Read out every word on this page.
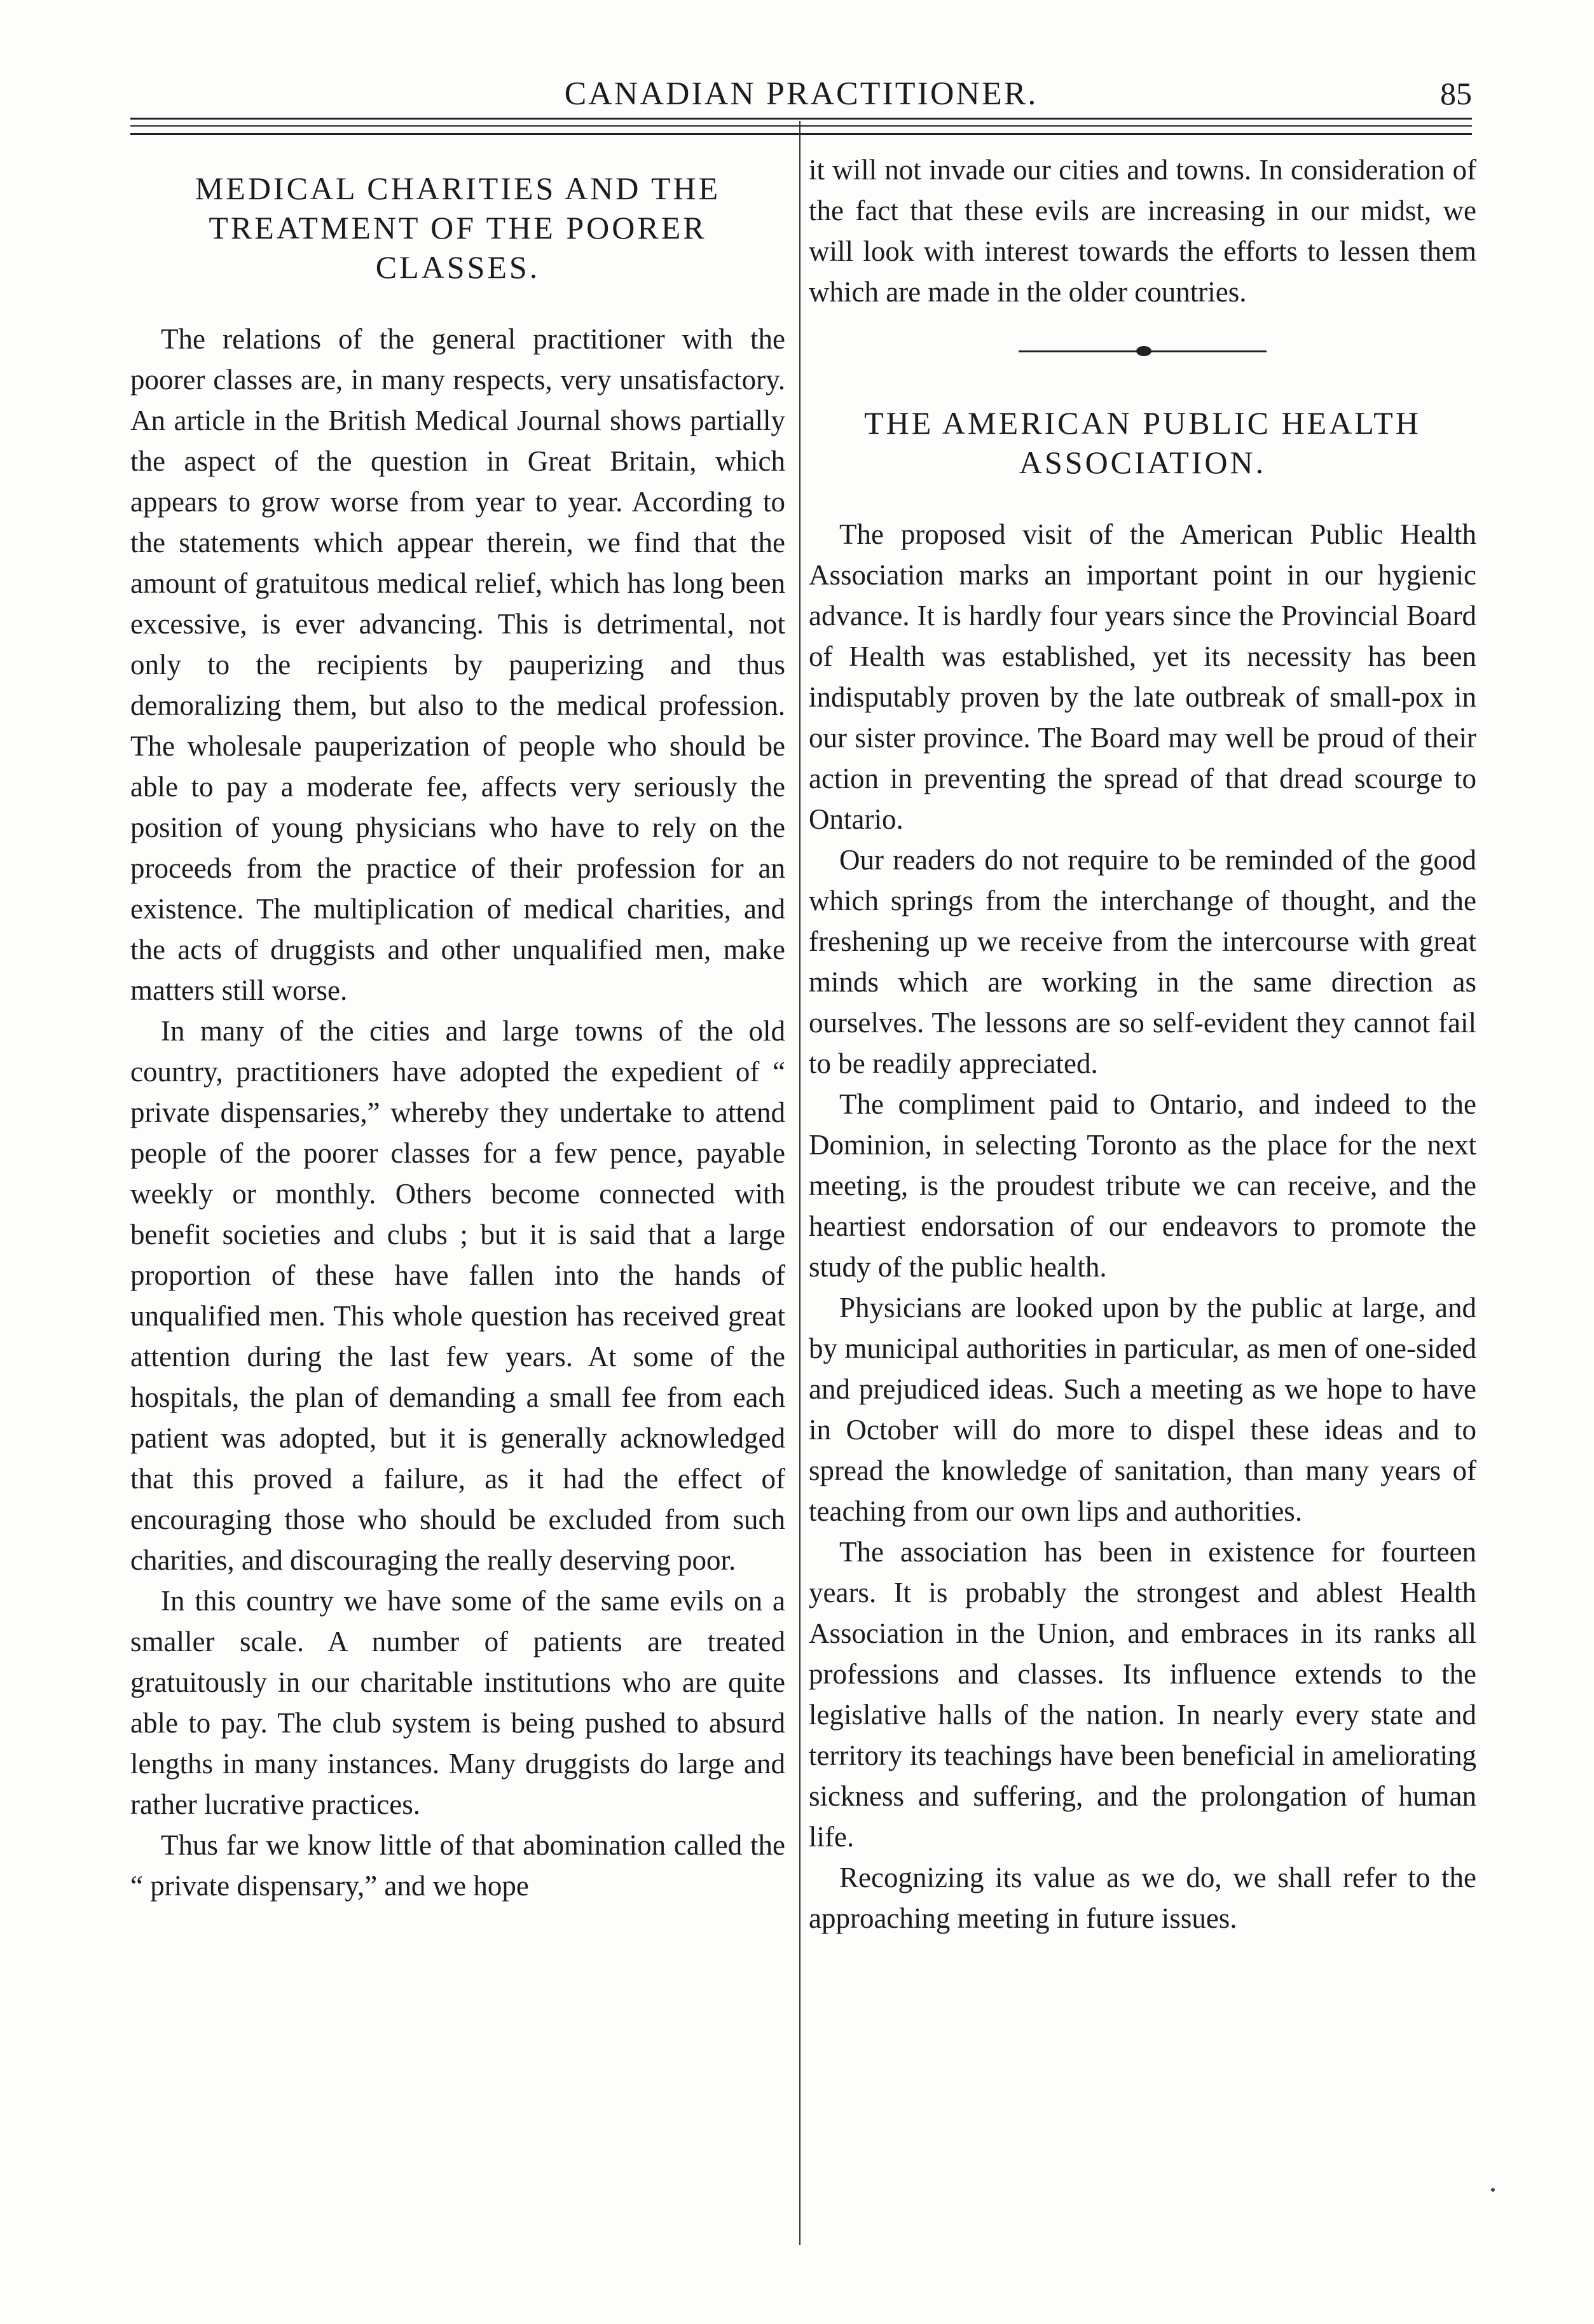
CANADIAN PRACTITIONER.	85
MEDICAL CHARITIES AND THE TREATMENT OF THE POORER CLASSES.

The relations of the general practitioner with the poorer classes are, in many respects, very unsatisfactory. An article in the British Medical Journal shows partially the aspect of the question in Great Britain, which appears to grow worse from year to year. According to the statements which appear therein, we find that the amount of gratuitous medical relief, which has long been excessive, is ever advancing. This is detrimental, not only to the recipients by pauperizing and thus demoralizing them, but also to the medical profession. The wholesale pauperization of people who should be able to pay a moderate fee, affects very seriously the position of young physicians who have to rely on the proceeds from the practice of their profession for an existence. The multiplication of medical charities, and the acts of druggists and other unqualified men, make matters still worse.

In many of the cities and large towns of the old country, practitioners have adopted the expedient of “ private dispensaries,” whereby they undertake to attend people of the poorer classes for a few pence, payable weekly or monthly. Others become connected with benefit societies and clubs ; but it is said that a large proportion of these have fallen into the hands of unqualified men. This whole question has received great attention during the last few years. At some of the hospitals, the plan of demanding a small fee from each patient was adopted, but it is generally acknowledged that this proved a failure, as it had the effect of encouraging those who should be excluded from such charities, and discouraging the really deserving poor.

In this country we have some of the same evils on a smaller scale. A number of patients are treated gratuitously in our charitable institutions who are quite able to pay. The club system is being pushed to absurd lengths in many instances. Many druggists do large and rather lucrative practices.

Thus far we know little of that abomination called the “ private dispensary,” and we hope

it will not invade our cities and towns. In consideration of the fact that these evils are increasing in our midst, we will look with interest towards the efforts to lessen them which are made in the older countries.

THE AMERICAN PUBLIC HEALTH ASSOCIATION.

The proposed visit of the American Public Health Association marks an important point in our hygienic advance. It is hardly four years since the Provincial Board of Health was established, yet its necessity has been indisputably proven by the late outbreak of small-pox in our sister province. The Board may well be proud of their action in preventing the spread of that dread scourge to Ontario.

Our readers do not require to be reminded of the good which springs from the interchange of thought, and the freshening up we receive from the intercourse with great minds which are working in the same direction as ourselves. The lessons are so self-evident they cannot fail to be readily appreciated.

The compliment paid to Ontario, and indeed to the Dominion, in selecting Toronto as the place for the next meeting, is the proudest tribute we can receive, and the heartiest endorsation of our endeavors to promote the study of the public health.

Physicians are looked upon by the public at large, and by municipal authorities in particular, as men of one-sided and prejudiced ideas. Such a meeting as we hope to have in October will do more to dispel these ideas and to spread the knowledge of sanitation, than many years of teaching from our own lips and authorities.

The association has been in existence for fourteen years. It is probably the strongest and ablest Health Association in the Union, and embraces in its ranks all professions and classes. Its influence extends to the legislative halls of the nation. In nearly every state and territory its teachings have been beneficial in ameliorating sickness and suffering, and the prolongation of human life.

Recognizing its value as we do, we shall refer to the approaching meeting in future issues.
